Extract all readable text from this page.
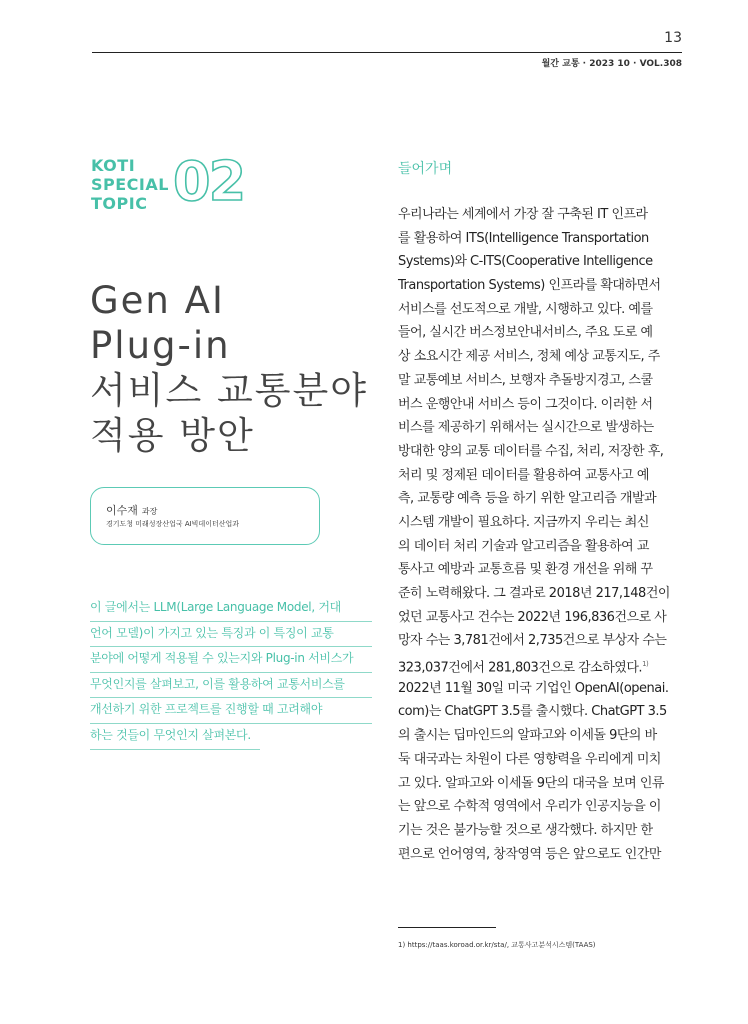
13
월간 교통 · 2023 10 · VOL.308
KOTI
SPECIAL
TOPIC 02
Gen AI
Plug-in
서비스 교통분야
적용 방안
이수재 과장
경기도청 미래성장산업국 AI빅데이터산업과
이 글에서는 LLM(Large Language Model, 거대
언어 모델)이 가지고 있는 특징과 이 특징이 교통
분야에 어떻게 적용될 수 있는지와 Plug-in 서비스가
무엇인지를 살펴보고, 이를 활용하여 교통서비스를
개선하기 위한 프로젝트를 진행할 때 고려해야
하는 것들이 무엇인지 살펴본다.
들어가며
우리나라는 세계에서 가장 잘 구축된 IT 인프라
를 활용하여 ITS(Intelligence Transportation
Systems)와 C-ITS(Cooperative Intelligence
Transportation Systems) 인프라를 확대하면서
서비스를 선도적으로 개발, 시행하고 있다. 예를
들어, 실시간 버스정보안내서비스, 주요 도로 예
상 소요시간 제공 서비스, 정체 예상 교통지도, 주
말 교통예보 서비스, 보행자 추돌방지경고, 스쿨
버스 운행안내 서비스 등이 그것이다. 이러한 서
비스를 제공하기 위해서는 실시간으로 발생하는
방대한 양의 교통 데이터를 수집, 처리, 저장한 후,
처리 및 정제된 데이터를 활용하여 교통사고 예
측, 교통량 예측 등을 하기 위한 알고리즘 개발과
시스템 개발이 필요하다. 지금까지 우리는 최신
의 데이터 처리 기술과 알고리즘을 활용하여 교
통사고 예방과 교통흐름 및 환경 개선을 위해 꾸
준히 노력해왔다. 그 결과로 2018년 217,148건이
었던 교통사고 건수는 2022년 196,836건으로 사
망자 수는 3,781건에서 2,735건으로 부상자 수는
323,037건에서 281,803건으로 감소하였다.$^{1)}$
2022년 11월 30일 미국 기업인 OpenAI(openai.
com)는 ChatGPT 3.5를 출시했다. ChatGPT 3.5
의 출시는 딥마인드의 알파고와 이세돌 9단의 바
둑 대국과는 차원이 다른 영향력을 우리에게 미치
고 있다. 알파고와 이세돌 9단의 대국을 보며 인류
는 앞으로 수학적 영역에서 우리가 인공지능을 이
기는 것은 불가능할 것으로 생각했다. 하지만 한
편으로 언어영역, 창작영역 등은 앞으로도 인간만
1) https://taas.koroad.or.kr/sta/, 교통사고분석시스템(TAAS)
